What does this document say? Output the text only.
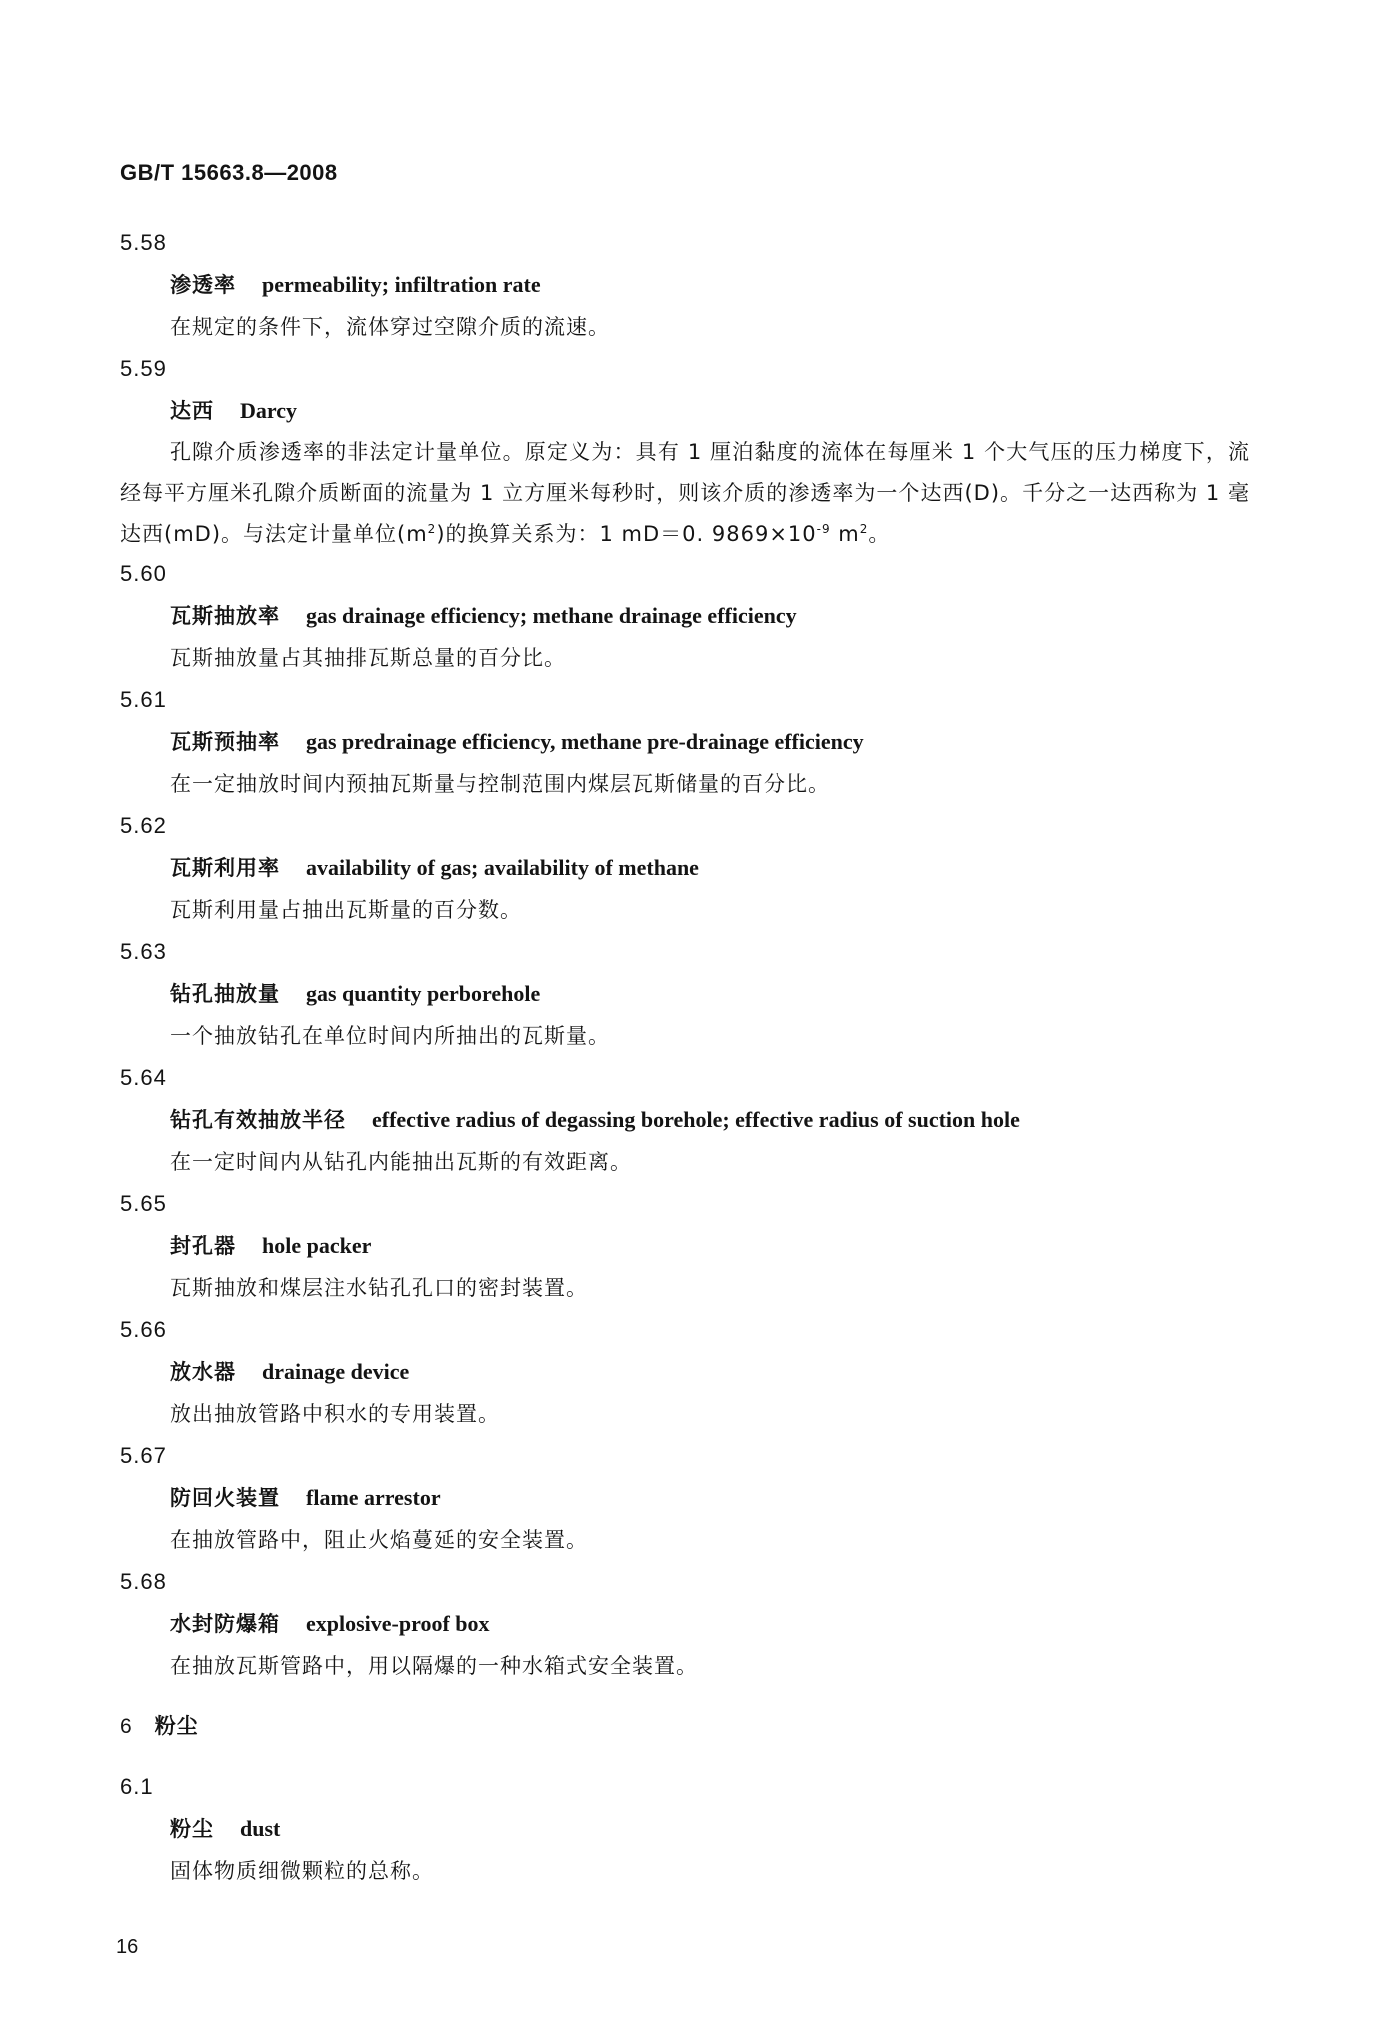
GB/T 15663.8—2008
5.58
渗透率 permeability; infiltration rate
在规定的条件下，流体穿过空隙介质的流速。
5.59
达西 Darcy
孔隙介质渗透率的非法定计量单位。原定义为：具有 1 厘泊黏度的流体在每厘米 1 个大气压的压力梯度下，流经每平方厘米孔隙介质断面的流量为 1 立方厘米每秒时，则该介质的渗透率为一个达西(D)。千分之一达西称为 1 毫达西(mD)。与法定计量单位$(m^2)$的换算关系为：1 mD＝0. $9869\times 10^{-9}$ $m^2$。
5.60
瓦斯抽放率 gas drainage efficiency; methane drainage efficiency
瓦斯抽放量占其抽排瓦斯总量的百分比。
5.61
瓦斯预抽率 gas predrainage efficiency, methane pre-drainage efficiency
在一定抽放时间内预抽瓦斯量与控制范围内煤层瓦斯储量的百分比。
5.62
瓦斯利用率 availability of gas; availability of methane
瓦斯利用量占抽出瓦斯量的百分数。
5.63
钻孔抽放量 gas quantity perborehole
一个抽放钻孔在单位时间内所抽出的瓦斯量。
5.64
钻孔有效抽放半径 effective radius of degassing borehole; effective radius of suction hole
在一定时间内从钻孔内能抽出瓦斯的有效距离。
5.65
封孔器 hole packer
瓦斯抽放和煤层注水钻孔孔口的密封装置。
5.66
放水器 drainage device
放出抽放管路中积水的专用装置。
5.67
防回火装置 flame arrestor
在抽放管路中，阻止火焰蔓延的安全装置。
5.68
水封防爆箱 explosive-proof box
在抽放瓦斯管路中，用以隔爆的一种水箱式安全装置。
6 粉尘
6.1
粉尘 dust
固体物质细微颗粒的总称。
16
